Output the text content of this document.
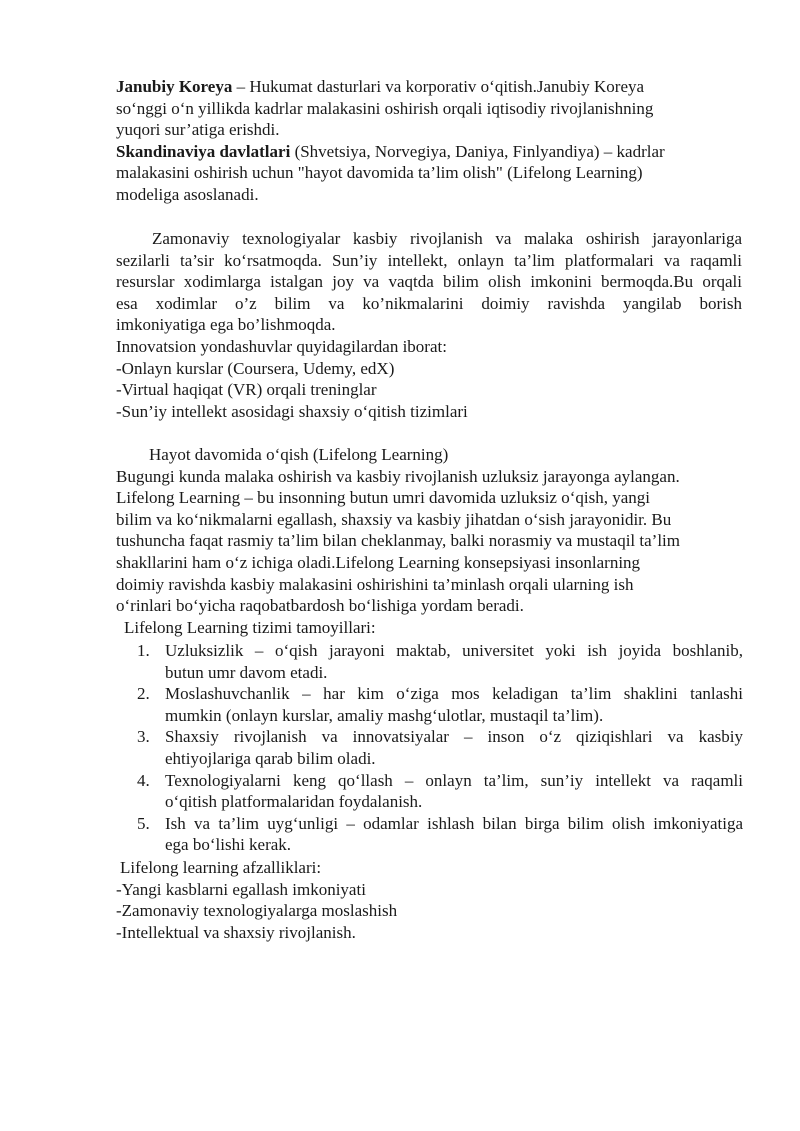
Janubiy Koreya – Hukumat dasturlari va korporativ o‘qitish.Janubiy Koreya
so‘nggi o‘n yillikda kadrlar malakasini oshirish orqali iqtisodiy rivojlanishning
yuqori sur’atiga erishdi.
Skandinaviya davlatlari (Shvetsiya, Norvegiya, Daniya, Finlyandiya) – kadrlar
malakasini oshirish uchun "hayot davomida ta’lim olish" (Lifelong Learning)
modeliga asoslanadi.
Zamonaviy texnologiyalar kasbiy rivojlanish va malaka oshirish jarayonlariga
sezilarli ta’sir ko‘rsatmoqda. Sun’iy intellekt, onlayn ta’lim platformalari va raqamli
resurslar xodimlarga istalgan joy va vaqtda bilim olish imkonini bermoqda.Bu orqali
esa xodimlar o’z bilim va ko’nikmalarini doimiy ravishda yangilab borish
imkoniyatiga ega bo’lishmoqda.
Innovatsion yondashuvlar quyidagilardan iborat:
-Onlayn kurslar (Coursera, Udemy, edX)
-Virtual haqiqat (VR) orqali treninglar
-Sun’iy intellekt asosidagi shaxsiy o‘qitish tizimlari
Hayot davomida o‘qish (Lifelong Learning)
Bugungi kunda malaka oshirish va kasbiy rivojlanish uzluksiz jarayonga aylangan.
Lifelong Learning – bu insonning butun umri davomida uzluksiz o‘qish, yangi
bilim va ko‘nikmalarni egallash, shaxsiy va kasbiy jihatdan o‘sish jarayonidir. Bu
tushuncha faqat rasmiy ta’lim bilan cheklanmay, balki norasmiy va mustaqil ta’lim
shakllarini ham o‘z ichiga oladi.Lifelong Learning konsepsiyasi insonlarning
doimiy ravishda kasbiy malakasini oshirishini ta’minlash orqali ularning ish
o‘rinlari bo‘yicha raqobatbardosh bo‘lishiga yordam beradi.
Lifelong Learning tizimi tamoyillari:
1. Uzluksizlik – o‘qish jarayoni maktab, universitet yoki ish joyida boshlanib,
butun umr davom etadi.
2. Moslashuvchanlik – har kim o‘ziga mos keladigan ta’lim shaklini tanlashi
mumkin (onlayn kurslar, amaliy mashg‘ulotlar, mustaqil ta’lim).
3. Shaxsiy rivojlanish va innovatsiyalar – inson o‘z qiziqishlari va kasbiy
ehtiyojlariga qarab bilim oladi.
4. Texnologiyalarni keng qo‘llash – onlayn ta’lim, sun’iy intellekt va raqamli
o‘qitish platformalaridan foydalanish.
5. Ish va ta’lim uyg‘unligi – odamlar ishlash bilan birga bilim olish imkoniyatiga
ega bo‘lishi kerak.
Lifelong learning afzalliklari:
-Yangi kasblarni egallash imkoniyati
-Zamonaviy texnologiyalarga moslashish
-Intellektual va shaxsiy rivojlanish.
